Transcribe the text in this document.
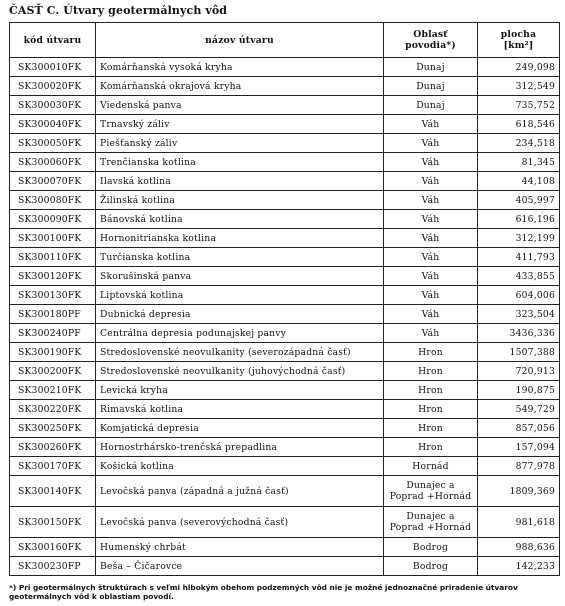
ČASŤ C. Útvary geotermálnych vôd
kód útvaru	názov útvaru	Oblasť povodia*)	plocha
[km²]
SK300010FK	Komárňanská vysoká kryha	Dunaj	249,098
SK300020FK	Komárňanská okrajová kryha	Dunaj	312,549
SK300030FK	Viedenská panva	Dunaj	735,752
SK300040FK	Trnavský záliv	Váh	618,546
SK300050FK	Piešťanský záliv	Váh	234,518
SK300060FK	Trenčianska kotlina	Váh	81,345
SK300070FK	Ilavská kotlina	Váh	44,108
SK300080FK	Žilinská kotlina	Váh	405,997
SK300090FK	Bánovská kotlina	Váh	616,196
SK300100FK	Hornonitrianska kotlina	Váh	312,199
SK300110FK	Turčianska kotlina	Váh	411,793
SK300120FK	Skorušinská panva	Váh	433,855
SK300130FK	Liptovská kotlina	Váh	604,006
SK300180PF	Dubnická depresia	Váh	323,504
SK300240PF	Centrálna depresia podunajskej panvy	Váh	3436,336
SK300190FK	Stredoslovenské neovulkanity (severozápadná časť)	Hron	1507,388
SK300200FK	Stredoslovenské neovulkanity (juhovýchodná časť)	Hron	720,913
SK300210FK	Levická kryha	Hron	190,875
SK300220FK	Rimavská kotlina	Hron	549,729
SK300250FK	Komjatická depresia	Hron	857,056
SK300260FK	Hornostrhársko-trenčská prepadlina	Hron	157,094
SK300170FK	Košická kotlina	Hornád	877,978
SK300140FK	Levočská panva (západná a južná časť)	Dunajec a Poprad +Hornád	1809,369
SK300150FK	Levočská panva (severovýchodná časť)	Dunajec a Poprad +Hornád	981,618
SK300160FK	Humenský chrbát	Bodrog	988,636
SK300230FP	Beša – Čičarovce	Bodrog	142,233
*) Pri geotermálnych štruktúrach s veľmi hlbokým obehom podzemných vôd nie je možné jednoznačné priradenie útvarov geotermálnych vôd k oblastiam povodí.
